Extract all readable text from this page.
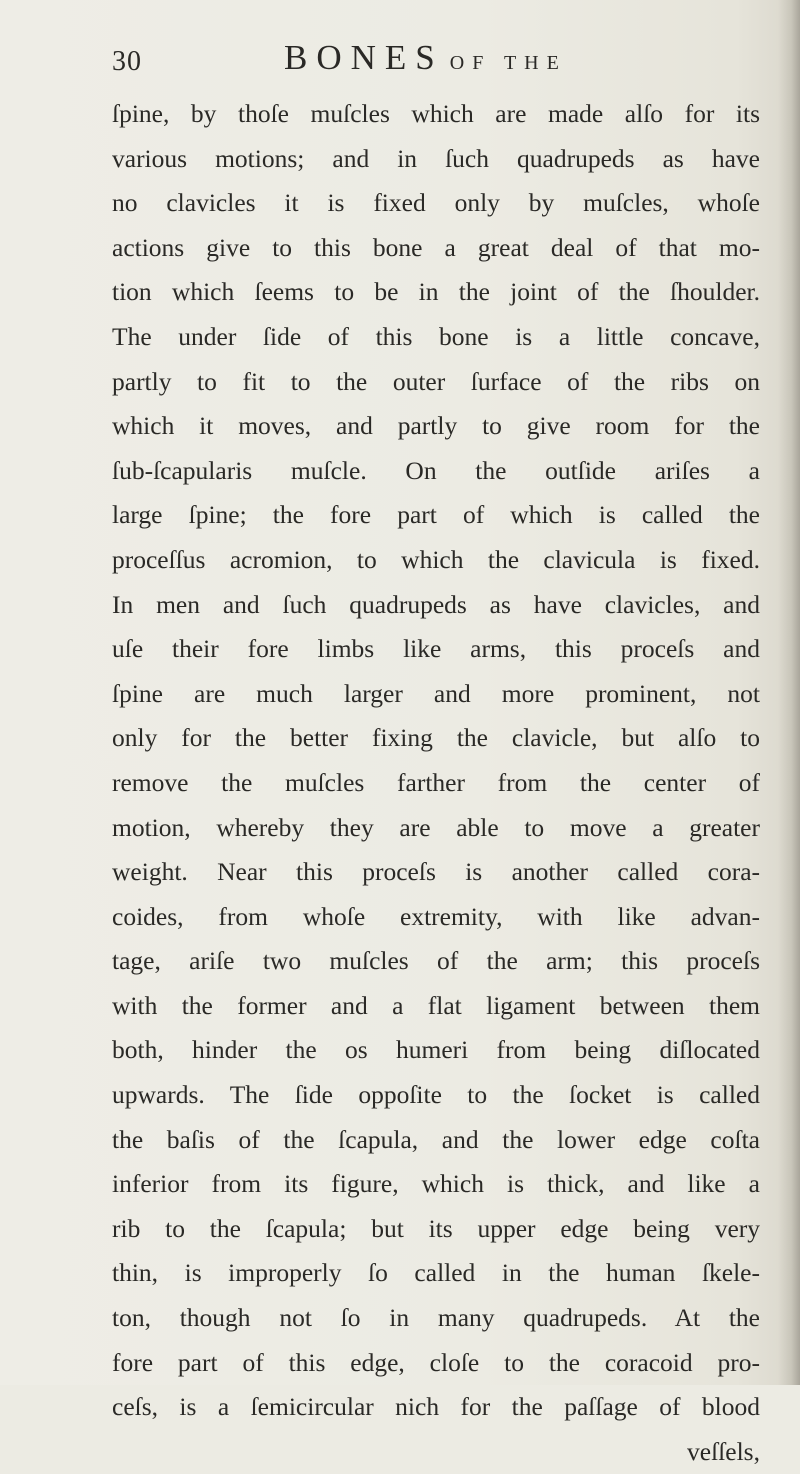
30	BONES OF THE
ſpine, by thoſe muſcles which are made alſo for its
various motions; and in ſuch quadrupeds as have
no clavicles it is fixed only by muſcles, whoſe
actions give to this bone a great deal of that mo-
tion which ſeems to be in the joint of the ſhoulder.
The under ſide of this bone is a little concave,
partly to fit to the outer ſurface of the ribs on
which it moves, and partly to give room for the
ſub-ſcapularis muſcle. On the outſide ariſes a
large ſpine; the fore part of which is called the
proceſſus acromion, to which the clavicula is fixed.
In men and ſuch quadrupeds as have clavicles, and
uſe their fore limbs like arms, this proceſs and
ſpine are much larger and more prominent, not
only for the better fixing the clavicle, but alſo to
remove the muſcles farther from the center of
motion, whereby they are able to move a greater
weight. Near this proceſs is another called cora-
coides, from whoſe extremity, with like advan-
tage, ariſe two muſcles of the arm; this proceſs
with the former and a flat ligament between them
both, hinder the os humeri from being diſlocated
upwards. The ſide oppoſite to the ſocket is called
the baſis of the ſcapula, and the lower edge coſta
inferior from its figure, which is thick, and like a
rib to the ſcapula; but its upper edge being very
thin, is improperly ſo called in the human ſkele-
ton, though not ſo in many quadrupeds. At the
fore part of this edge, cloſe to the coracoid pro-
ceſs, is a ſemicircular nich for the paſſage of blood
veſſels,
